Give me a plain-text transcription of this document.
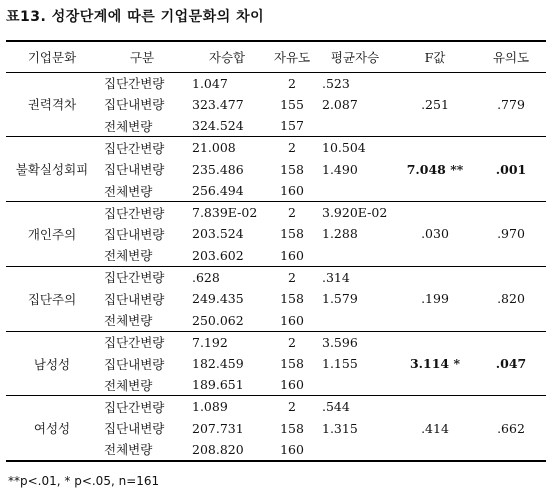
표13. 성장단계에 따른 기업문화의 차이
기업문화	구분	자승합	자유도	평균자승	F값	유의도
권력격차	집단간변량	1.047	2	.523	.251	.779
	집단내변량	323.477	155	2.087		
	전체변량	324.524	157			
불확실성회피	집단간변량	21.008	2	10.504	7.048 **	.001
	집단내변량	235.486	158	1.490		
	전체변량	256.494	160			
개인주의	집단간변량	7.839E-02	2	3.920E-02	.030	.970
	집단내변량	203.524	158	1.288		
	전체변량	203.602	160			
집단주의	집단간변량	.628	2	.314	.199	.820
	집단내변량	249.435	158	1.579		
	전체변량	250.062	160			
남성성	집단간변량	7.192	2	3.596	3.114 *	.047
	집단내변량	182.459	158	1.155		
	전체변량	189.651	160			
여성성	집단간변량	1.089	2	.544	.414	.662
	집단내변량	207.731	158	1.315		
	전체변량	208.820	160			
**p<.01, * p<.05, n=161
